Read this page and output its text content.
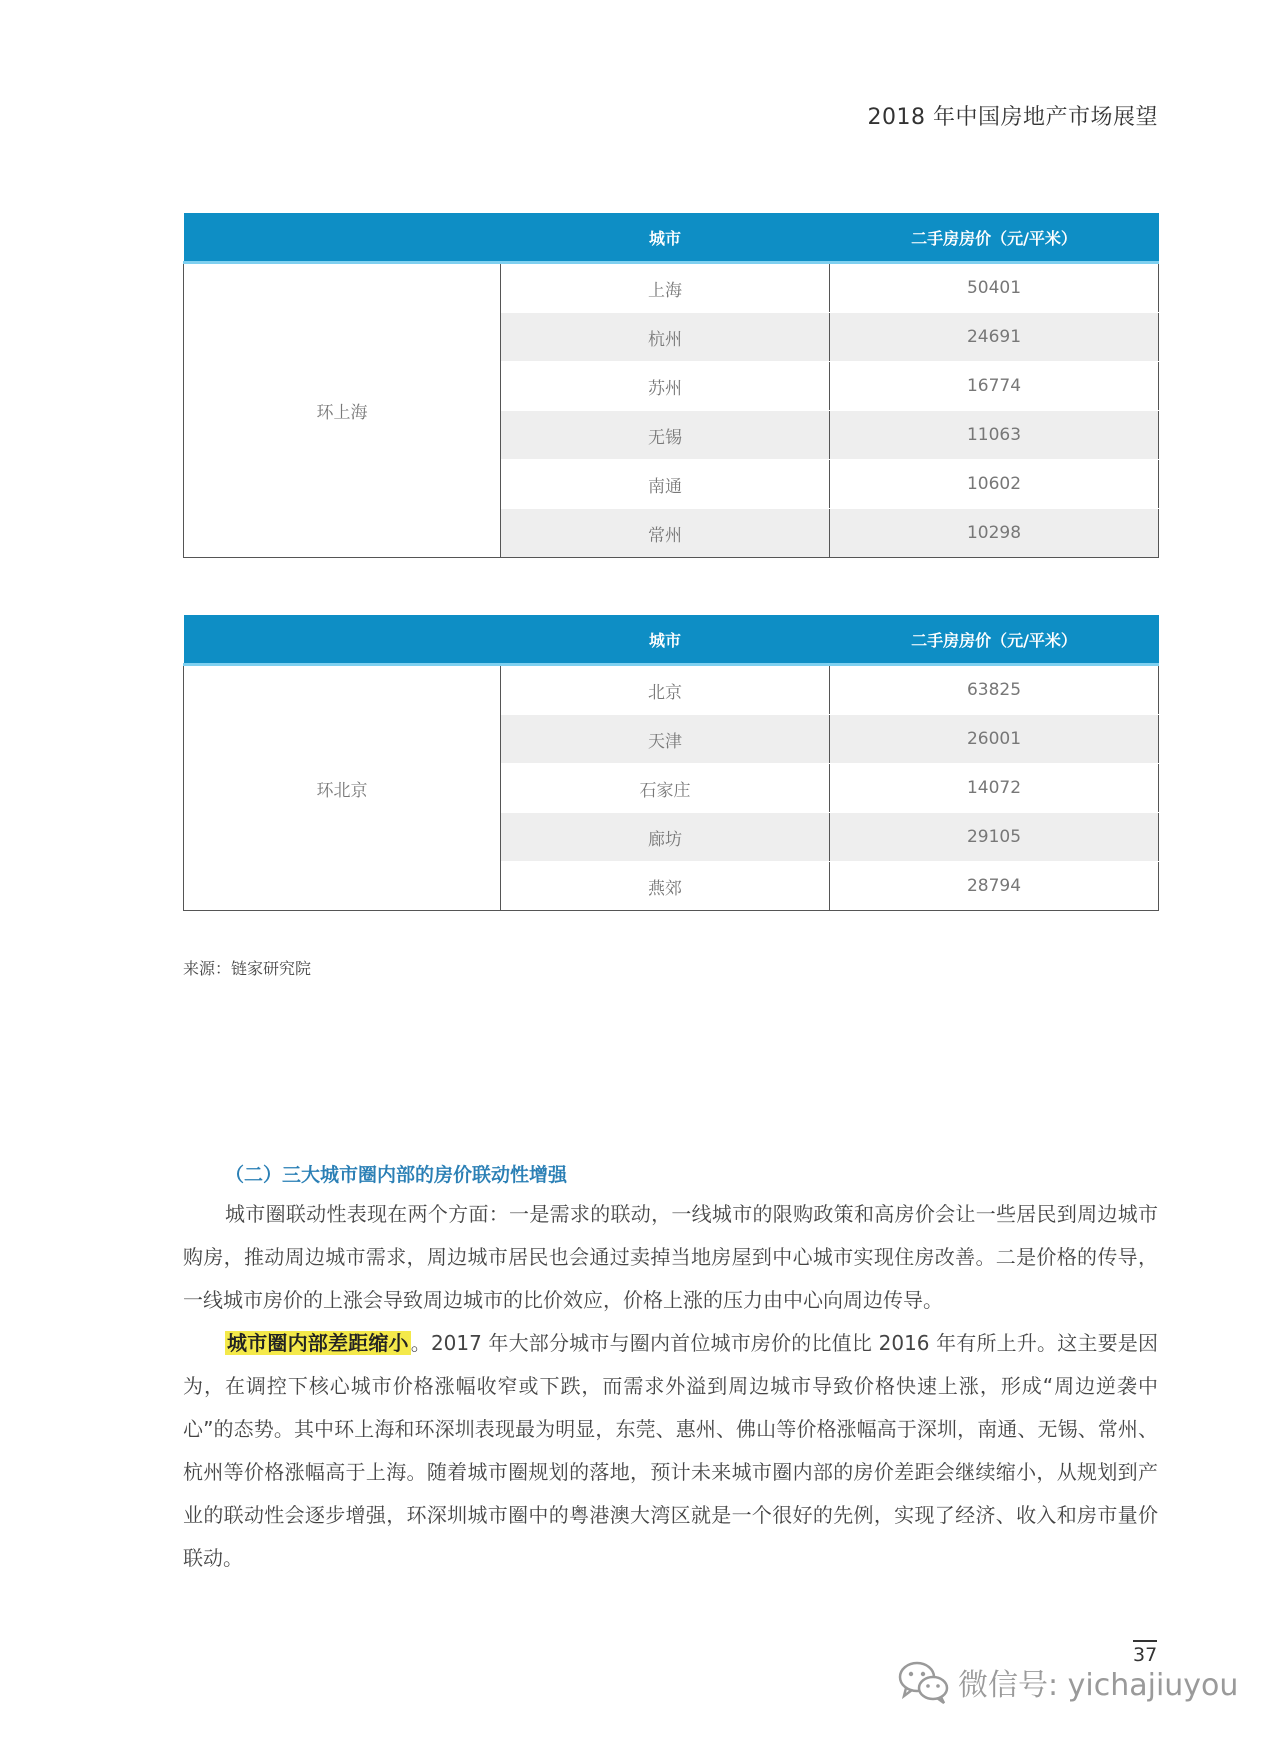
2018 年中国房地产市场展望
	城市	二手房房价（元/平米）
环上海	上海	50401
	杭州	24691
	苏州	16774
	无锡	11063
	南通	10602
	常州	10298
	城市	二手房房价（元/平米）
环北京	北京	63825
	天津	26001
	石家庄	14072
	廊坊	29105
	燕郊	28794
来源：链家研究院
（二）三大城市圈内部的房价联动性增强
城市圈联动性表现在两个方面：一是需求的联动，一线城市的限购政策和高房价会让一些居民到周边城市购房，推动周边城市需求，周边城市居民也会通过卖掉当地房屋到中心城市实现住房改善。二是价格的传导，一线城市房价的上涨会导致周边城市的比价效应，价格上涨的压力由中心向周边传导。
城市圈内部差距缩小 。2017 年大部分城市与圈内首位城市房价的比值比 2016 年有所上升。这主要是因为，在调控下核心城市价格涨幅收窄或下跌，而需求外溢到周边城市导致价格快速上涨，形成“周边逆袭中心”的态势。其中环上海和环深圳表现最为明显，东莞、惠州、佛山等价格涨幅高于深圳，南通、无锡、常州、杭州等价格涨幅高于上海。随着城市圈规划的落地，预计未来城市圈内部的房价差距会继续缩小，从规划到产业的联动性会逐步增强，环深圳城市圈中的粤港澳大湾区就是一个很好的先例，实现了经济、收入和房市量价联动。
37
微信号: yichajiuyou
